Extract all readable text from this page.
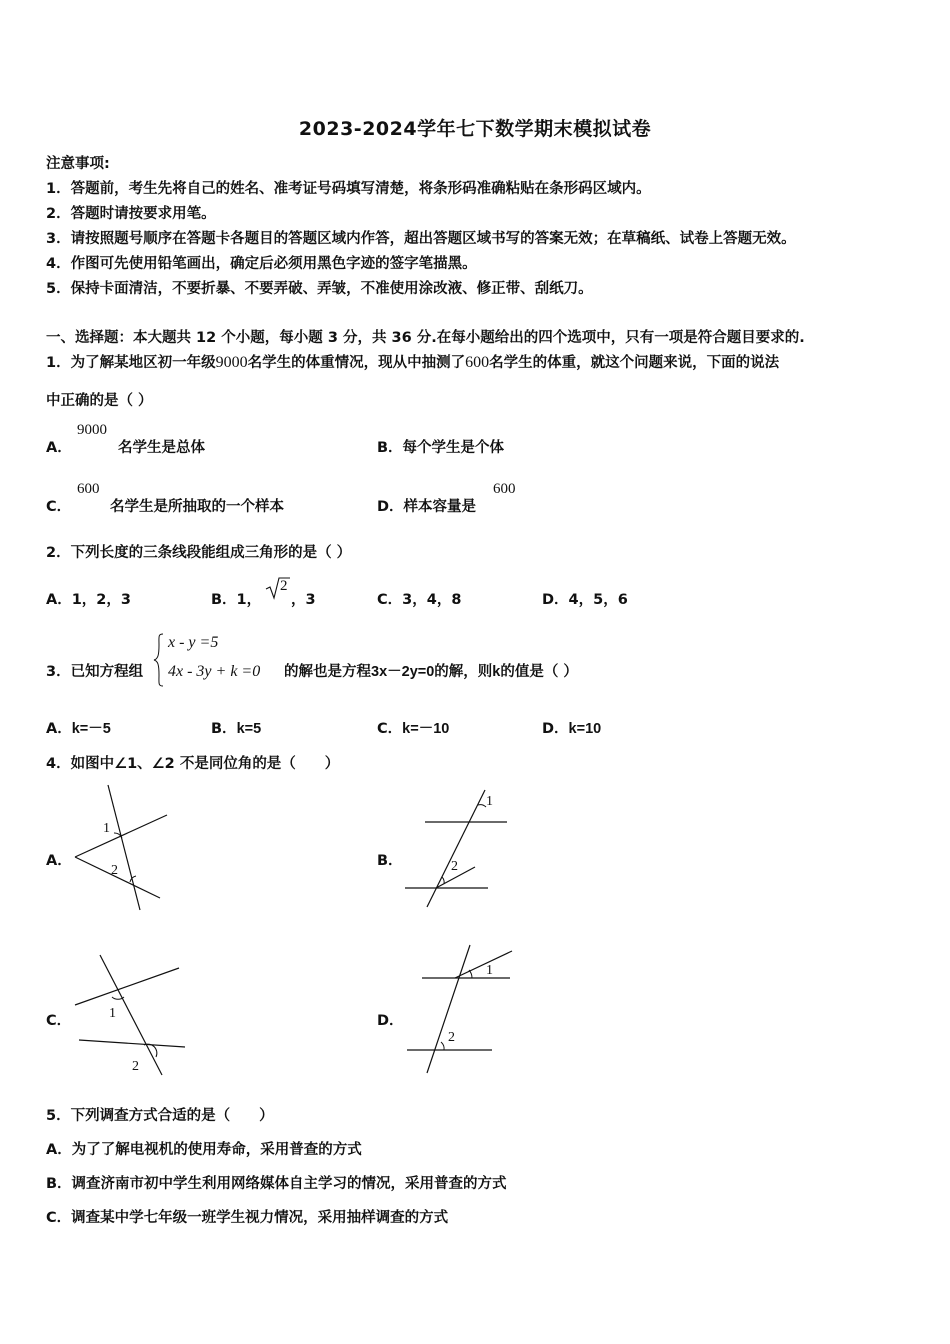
2023-2024学年七下数学期末模拟试卷
注意事项:
1．答题前，考生先将自己的姓名、准考证号码填写清楚，将条形码准确粘贴在条形码区域内。
2．答题时请按要求用笔。
3．请按照题号顺序在答题卡各题目的答题区域内作答，超出答题区域书写的答案无效；在草稿纸、试卷上答题无效。
4．作图可先使用铅笔画出，确定后必须用黑色字迹的签字笔描黑。
5．保持卡面清洁，不要折暴、不要弄破、弄皱，不准使用涂改液、修正带、刮纸刀。
一、选择题：本大题共 12 个小题，每小题 3 分，共 36 分.在每小题给出的四个选项中，只有一项是符合题目要求的.
1．为了解某地区初一年级9000名学生的体重情况，现从中抽测了600名学生的体重，就这个问题来说，下面的说法
中正确的是（ ）
A．
9000
名学生是总体	B．每个学生是个体
C．
600
名学生是所抽取的一个样本	D．样本容量是
600
2．下列长度的三条线段能组成三角形的是（ ）
A．1，2，3	B．1，
2
，3	C．3，4，8	D．4，5，6
3．已知方程组
x - y =5
4x - 3y + k =0 的解也是方程3x－2y=0的解，则k的值是（ ）
A．k=－5	B．k=5	C．k=－10	D．k=10
4．如图中∠1、∠2 不是同位角的是（　　）
A．
1
2
B．
1
2
C．	1
2
D．
1
2
5．下列调查方式合适的是（　　）
A．为了了解电视机的使用寿命，采用普查的方式
B．调查济南市初中学生利用网络媒体自主学习的情况，采用普查的方式
C．调查某中学七年级一班学生视力情况，采用抽样调查的方式
